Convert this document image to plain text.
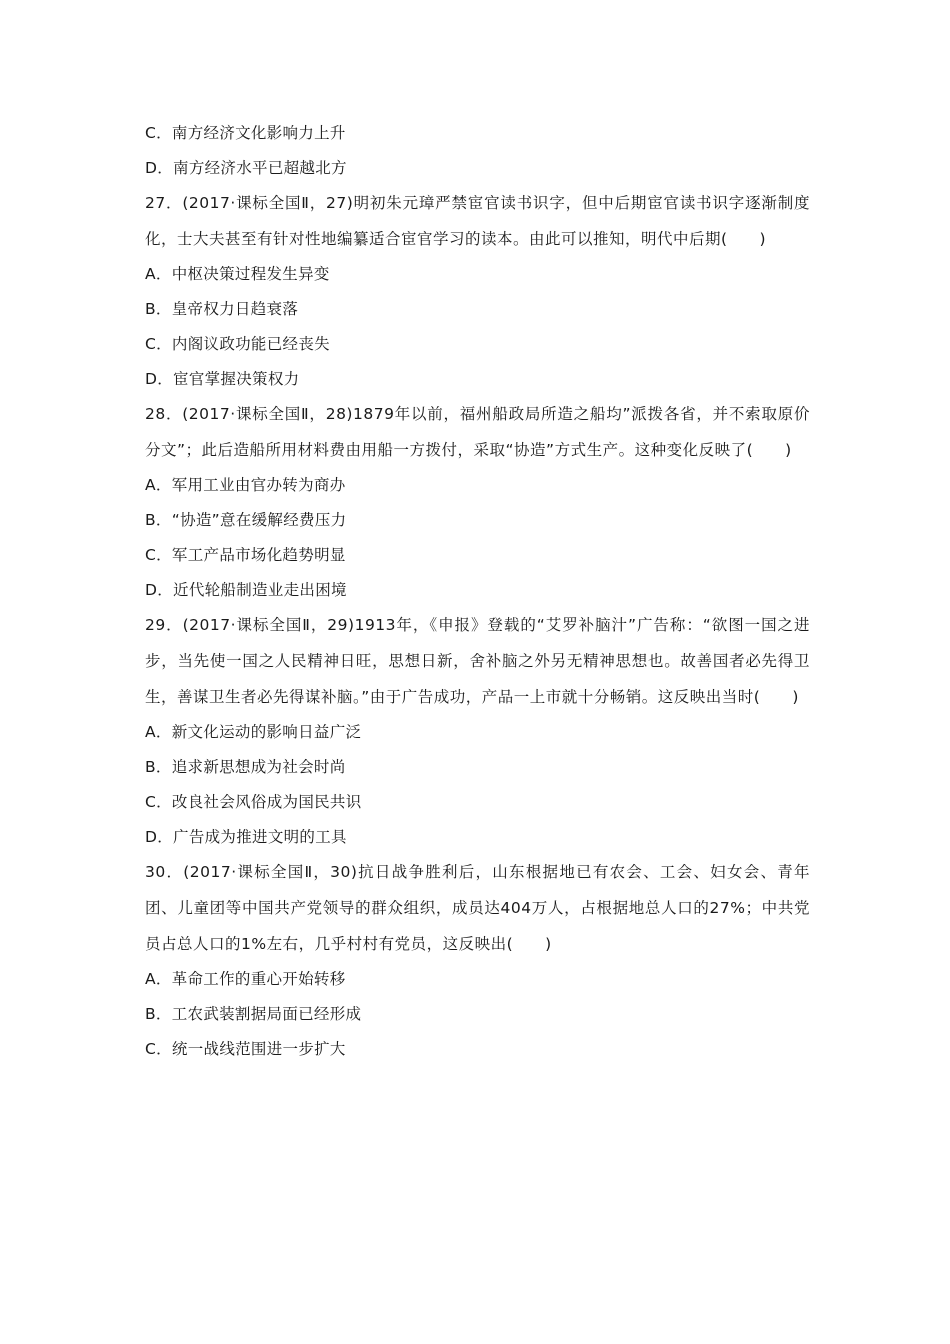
C．南方经济文化影响力上升
D．南方经济水平已超越北方
27．(2017·课标全国Ⅱ，27)明初朱元璋严禁宦官读书识字，但中后期宦官读书识字逐渐制度化，士大夫甚至有针对性地编纂适合宦官学习的读本。由此可以推知，明代中后期(　　)
A．中枢决策过程发生异变
B．皇帝权力日趋衰落
C．内阁议政功能已经丧失
D．宦官掌握决策权力
28．(2017·课标全国Ⅱ，28)1879年以前，福州船政局所造之船均”派拨各省，并不索取原价分文”；此后造船所用材料费由用船一方拨付，采取“协造”方式生产。这种变化反映了(　　)
A．军用工业由官办转为商办
B．“协造”意在缓解经费压力
C．军工产品市场化趋势明显
D．近代轮船制造业走出困境
29．(2017·课标全国Ⅱ，29)1913年，《申报》登载的“艾罗补脑汁”广告称：“欲图一国之进步，当先使一国之人民精神日旺，思想日新，舍补脑之外另无精神思想也。故善国者必先得卫生，善谋卫生者必先得谋补脑。”由于广告成功，产品一上市就十分畅销。这反映出当时(　　)
A．新文化运动的影响日益广泛
B．追求新思想成为社会时尚
C．改良社会风俗成为国民共识
D．广告成为推进文明的工具
30．(2017·课标全国Ⅱ，30)抗日战争胜利后，山东根据地已有农会、工会、妇女会、青年团、儿童团等中国共产党领导的群众组织，成员达404万人，占根据地总人口的27%；中共党员占总人口的1%左右，几乎村村有党员，这反映出(　　)
A．革命工作的重心开始转移
B．工农武装割据局面已经形成
C．统一战线范围进一步扩大
